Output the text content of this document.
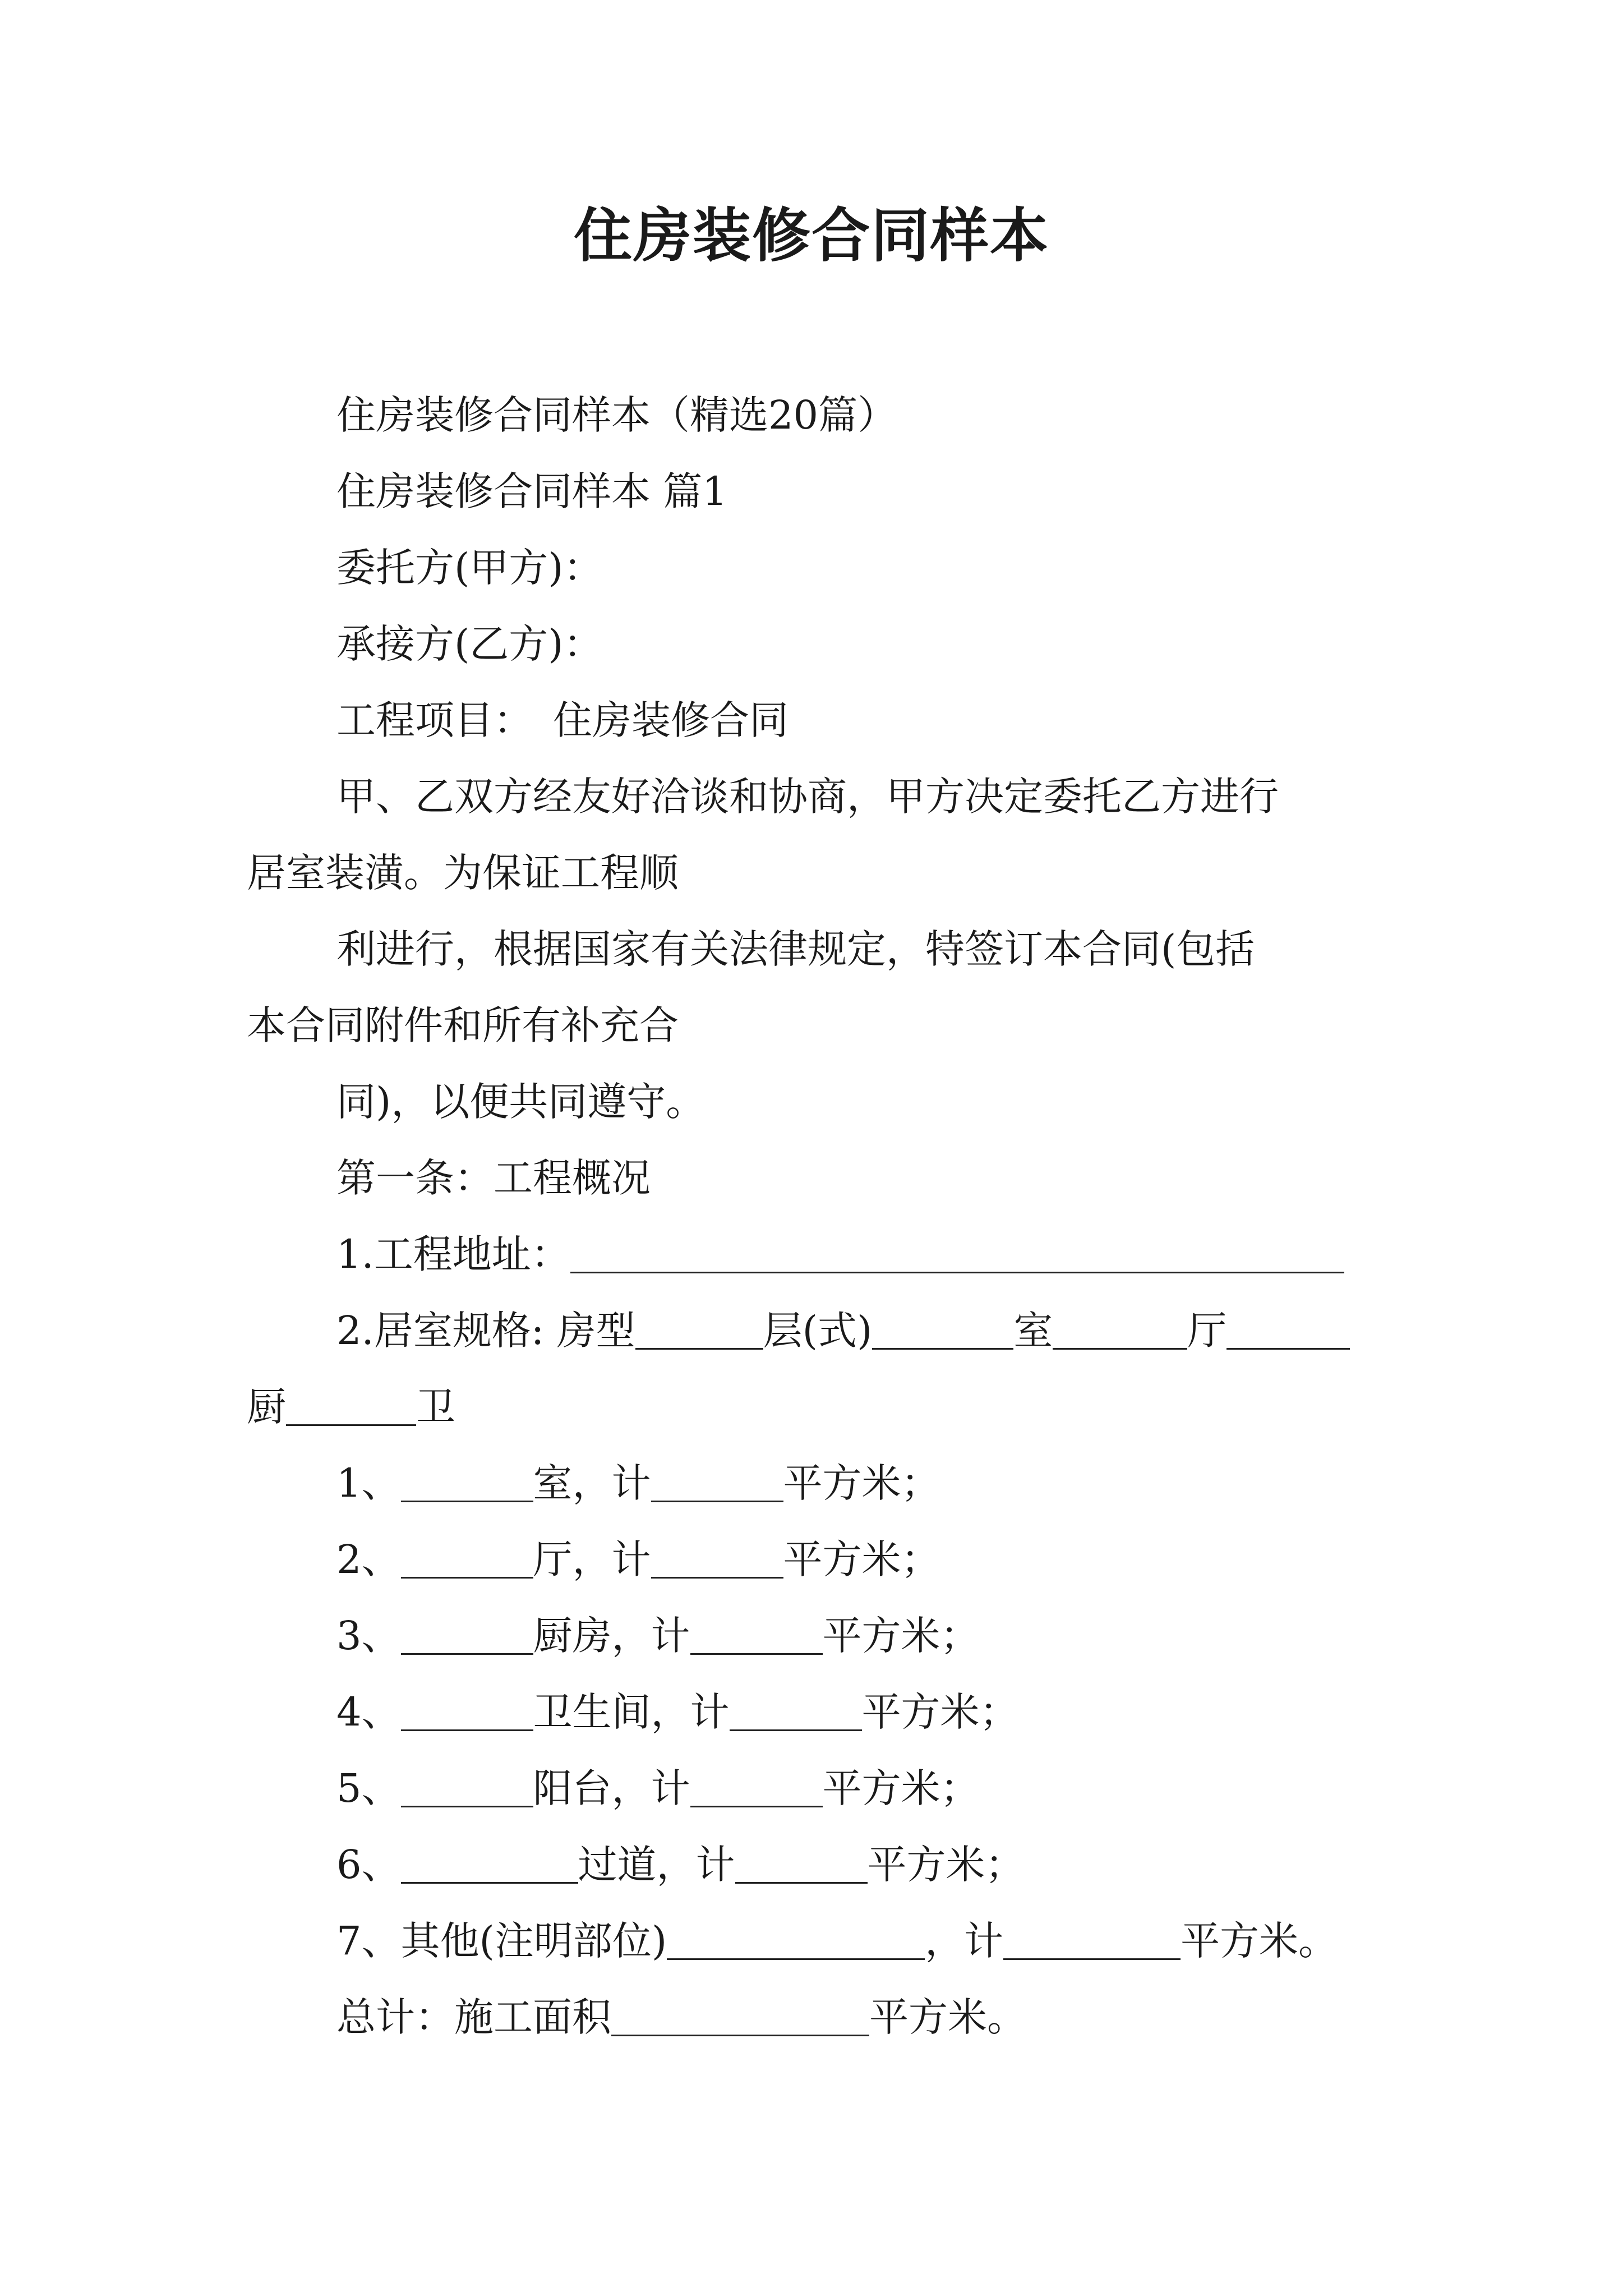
住房装修合同样本
住房装修合同样本（精选20篇）
住房装修合同样本 篇1
委托方(甲方)：
承接方(乙方)：
工程项目： 住房装修合同
甲、乙双方经友好洽谈和协商，甲方决定委托乙方进行
居室装潢。为保证工程顺
利进行，根据国家有关法律规定，特签订本合同(包括
本合同附件和所有补充合
同)，以便共同遵守。
第一条：工程概况
1.工程地址：
2.居室规格: 房型	层(式)	室	厅
厨	卫
1、	室，计	平方米；
2、	厅，计	平方米；
3、	厨房，计	平方米；
4、	卫生间，计	平方米；
5、	阳台，计	平方米；
6、	过道，计	平方米；
7、其他(注明部位)	，计	平方米。
总计：施工面积	平方米。
